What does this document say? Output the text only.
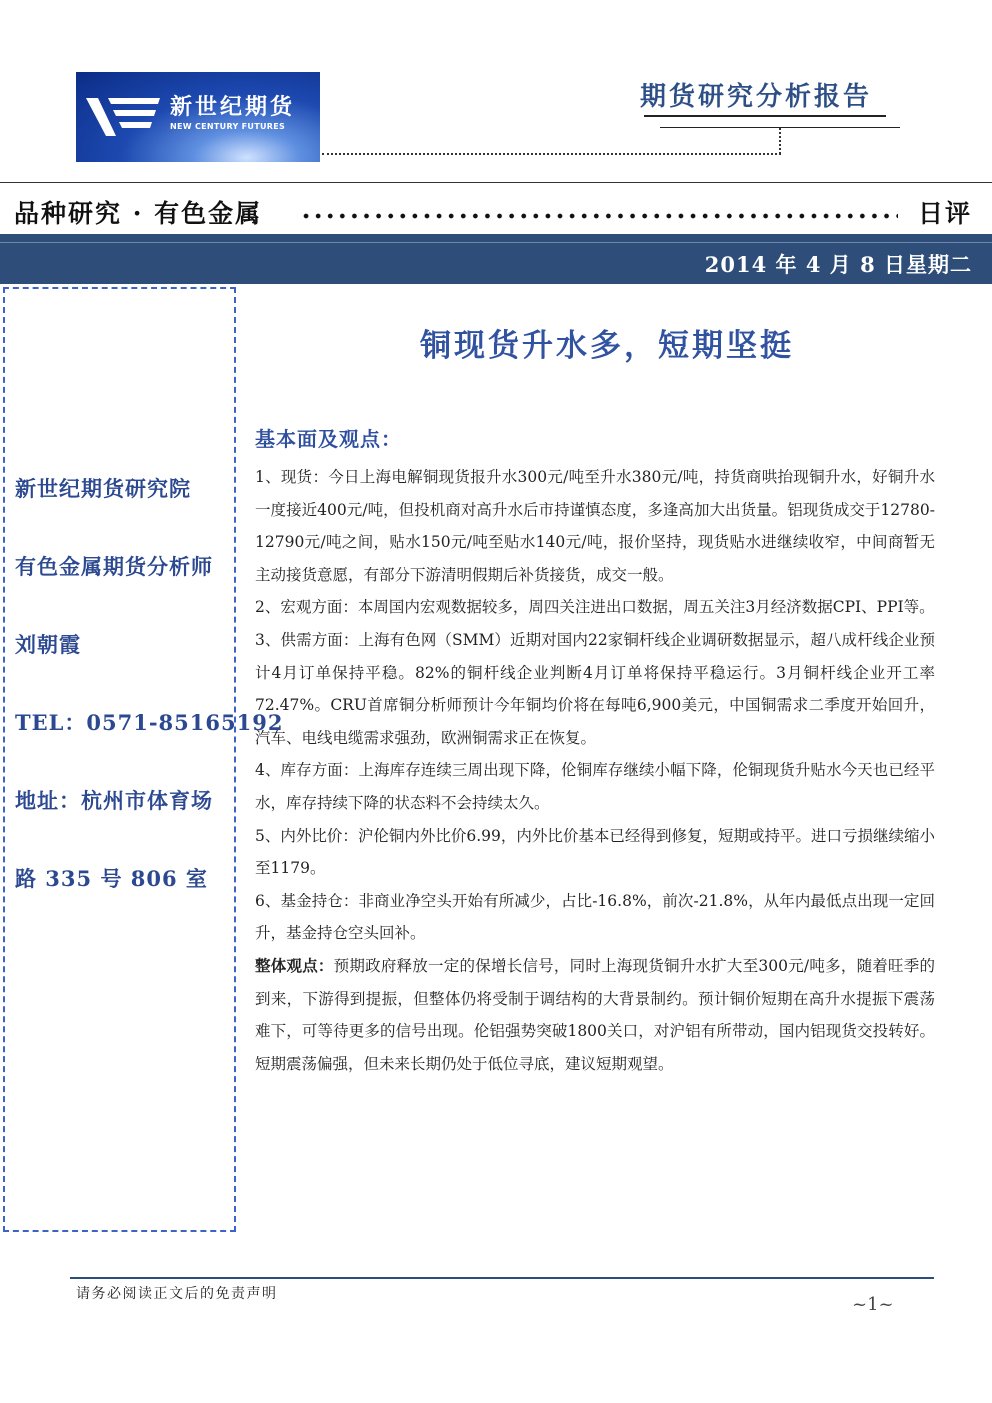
新世纪期货
NEW CENTURY FUTURES
期货研究分析报告
品种研究 · 有色金属	日评
2014 年 4 月 8 日星期二
新世纪期货研究院
有色金属期货分析师
刘朝霞
TEL：0571-85165192
地址：杭州市体育场
路 335 号 806 室
铜现货升水多，短期坚挺
基本面及观点：

1、现货：今日上海电解铜现货报升水300元/吨至升水380元/吨，持货商哄抬现铜升水，好铜升水一度接近400元/吨，但投机商对高升水后市持谨慎态度，多逢高加大出货量。铝现货成交于12780-12790元/吨之间，贴水150元/吨至贴水140元/吨，报价坚持，现货贴水进继续收窄，中间商暂无主动接货意愿，有部分下游清明假期后补货接货，成交一般。

2、宏观方面：本周国内宏观数据较多，周四关注进出口数据，周五关注3月经济数据CPI、PPI等。

3、供需方面：上海有色网（SMM）近期对国内22家铜杆线企业调研数据显示，超八成杆线企业预计4月订单保持平稳。82%的铜杆线企业判断4月订单将保持平稳运行。3月铜杆线企业开工率72.47%。CRU首席铜分析师预计今年铜均价将在每吨6,900美元，中国铜需求二季度开始回升，汽车、电线电缆需求强劲，欧洲铜需求正在恢复。

4、库存方面：上海库存连续三周出现下降，伦铜库存继续小幅下降，伦铜现货升贴水今天也已经平水，库存持续下降的状态料不会持续太久。

5、内外比价：沪伦铜内外比价6.99，内外比价基本已经得到修复，短期或持平。进口亏损继续缩小至1179。

6、基金持仓：非商业净空头开始有所减少，占比-16.8%，前次-21.8%，从年内最低点出现一定回升，基金持仓空头回补。

整体观点：预期政府释放一定的保增长信号，同时上海现货铜升水扩大至300元/吨多，随着旺季的到来，下游得到提振，但整体仍将受制于调结构的大背景制约。预计铜价短期在高升水提振下震荡难下，可等待更多的信号出现。伦铝强势突破1800关口，对沪铝有所带动，国内铝现货交投转好。短期震荡偏强，但未来长期仍处于低位寻底，建议短期观望。

请务必阅读正文后的免责声明	~1~
